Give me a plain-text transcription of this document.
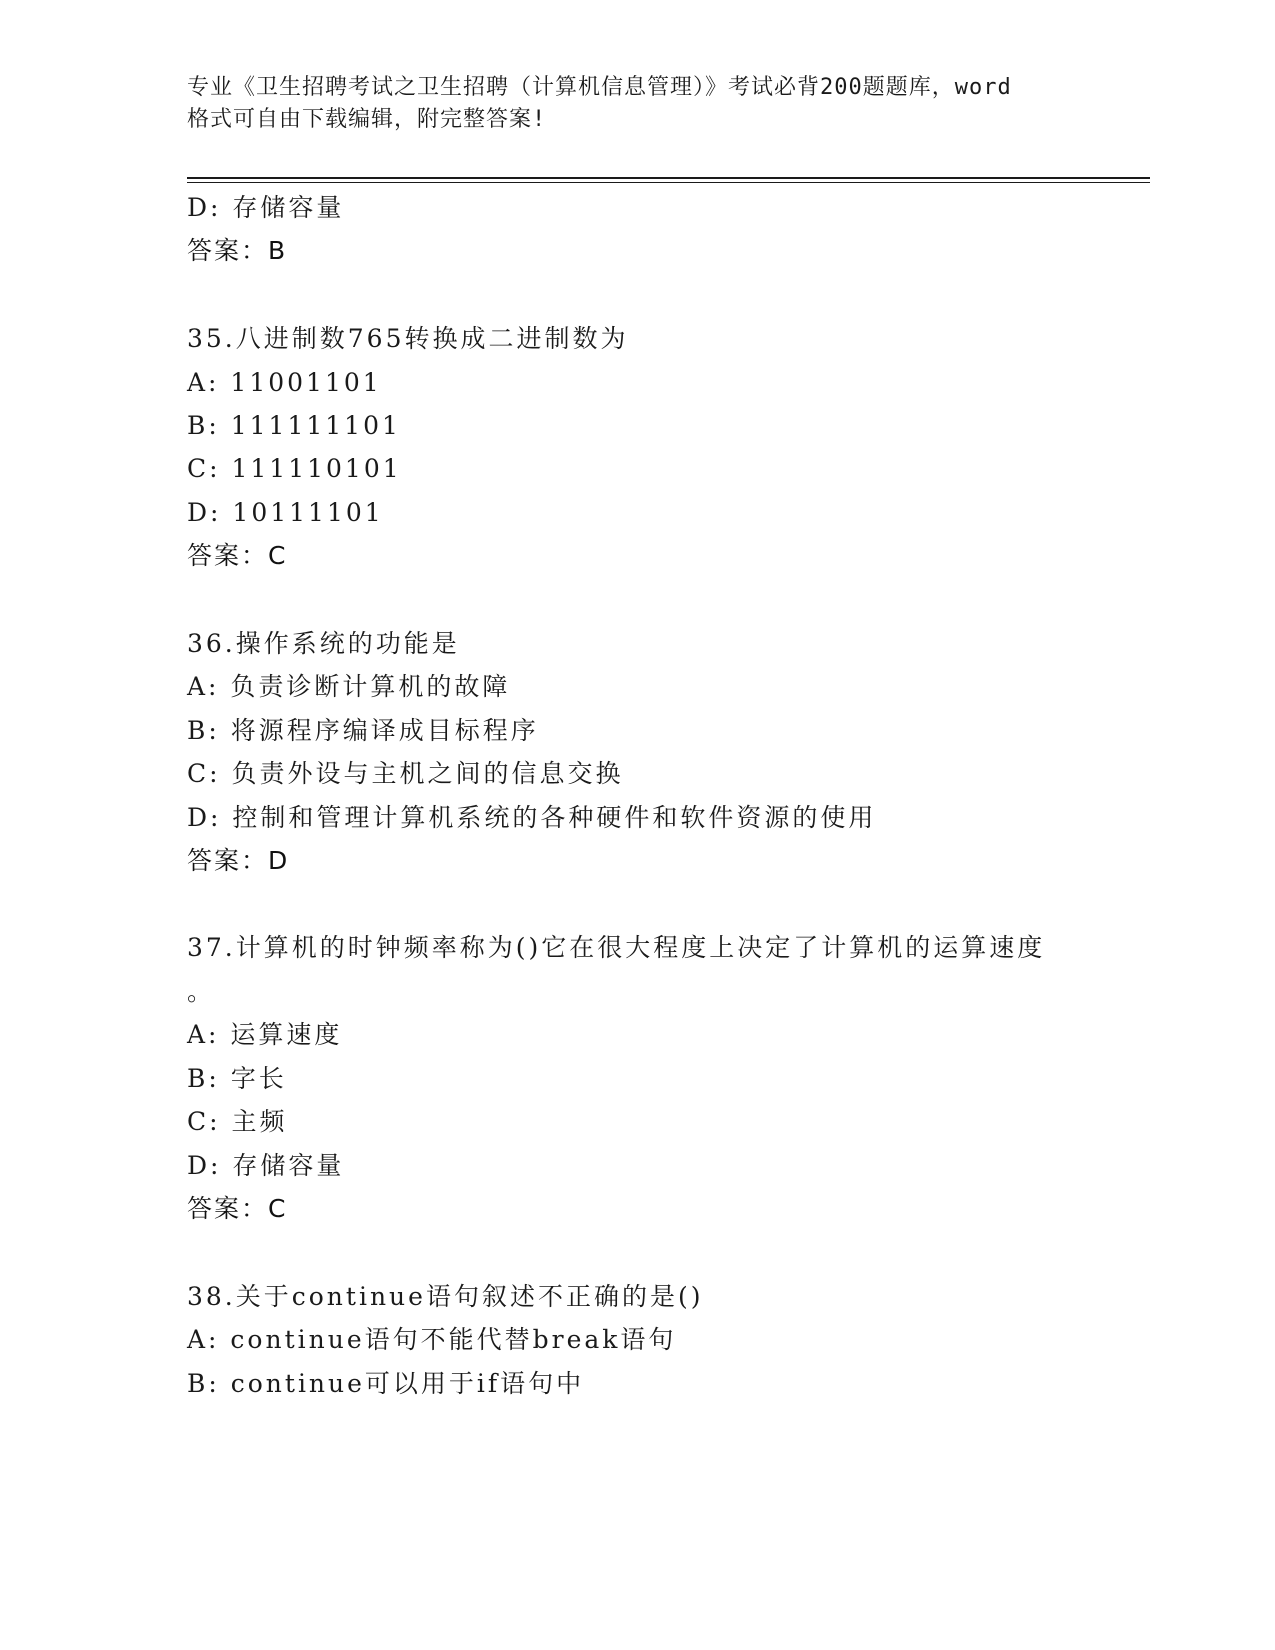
专业《卫生招聘考试之卫生招聘（计算机信息管理）》考试必背200题题库，word
格式可自由下载编辑，附完整答案!
D: 存储容量
答案：B
35.八进制数765转换成二进制数为
A: 11001101
B: 111111101
C: 111110101
D: 10111101
答案：C
36.操作系统的功能是
A: 负责诊断计算机的故障
B: 将源程序编译成目标程序
C: 负责外设与主机之间的信息交换
D: 控制和管理计算机系统的各种硬件和软件资源的使用
答案：D
37.计算机的时钟频率称为()它在很大程度上决定了计算机的运算速度
。
A: 运算速度
B: 字长
C: 主频
D: 存储容量
答案：C
38.关于continue语句叙述不正确的是()
A: continue语句不能代替break语句
B: continue可以用于if语句中
